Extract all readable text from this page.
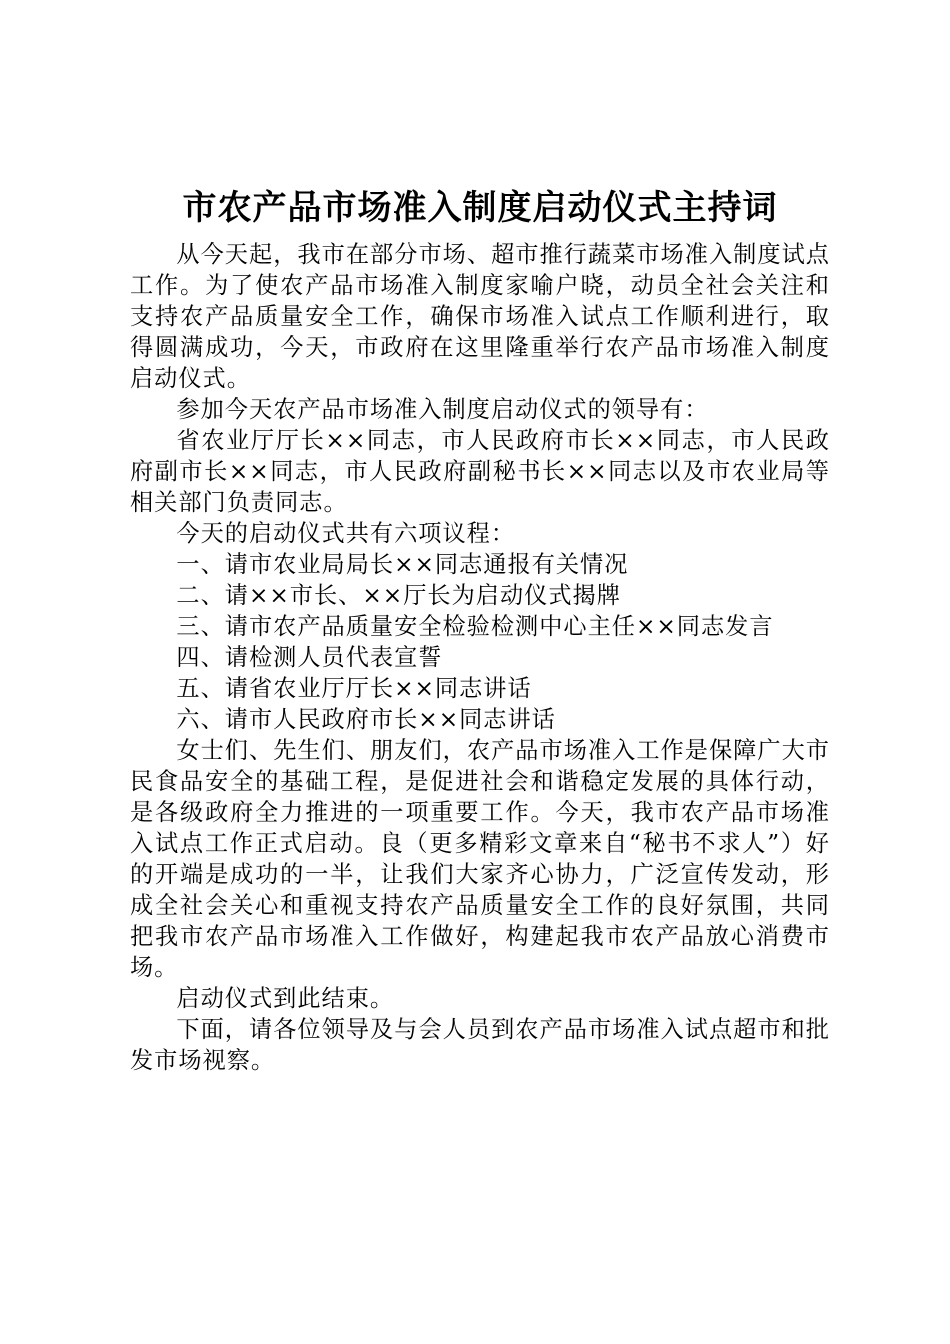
市农产品市场准入制度启动仪式主持词

从今天起，我市在部分市场、超市推行蔬菜市场准入制度试点工作。为了使农产品市场准入制度家喻户晓，动员全社会关注和支持农产品质量安全工作，确保市场准入试点工作顺利进行，取得圆满成功，今天，市政府在这里隆重举行农产品市场准入制度启动仪式。

参加今天农产品市场准入制度启动仪式的领导有：

省农业厅厅长××同志，市人民政府市长××同志，市人民政府副市长××同志，市人民政府副秘书长××同志以及市农业局等相关部门负责同志。

今天的启动仪式共有六项议程：

一、请市农业局局长××同志通报有关情况

二、请××市长、××厅长为启动仪式揭牌

三、请市农产品质量安全检验检测中心主任××同志发言

四、请检测人员代表宣誓

五、请省农业厅厅长××同志讲话

六、请市人民政府市长××同志讲话

女士们、先生们、朋友们，农产品市场准入工作是保障广大市民食品安全的基础工程，是促进社会和谐稳定发展的具体行动，是各级政府全力推进的一项重要工作。今天，我市农产品市场准入试点工作正式启动。良（更多精彩文章来自“秘书不求人”）好的开端是成功的一半，让我们大家齐心协力，广泛宣传发动，形成全社会关心和重视支持农产品质量安全工作的良好氛围，共同把我市农产品市场准入工作做好，构建起我市农产品放心消费市场。

启动仪式到此结束。

下面，请各位领导及与会人员到农产品市场准入试点超市和批发市场视察。
